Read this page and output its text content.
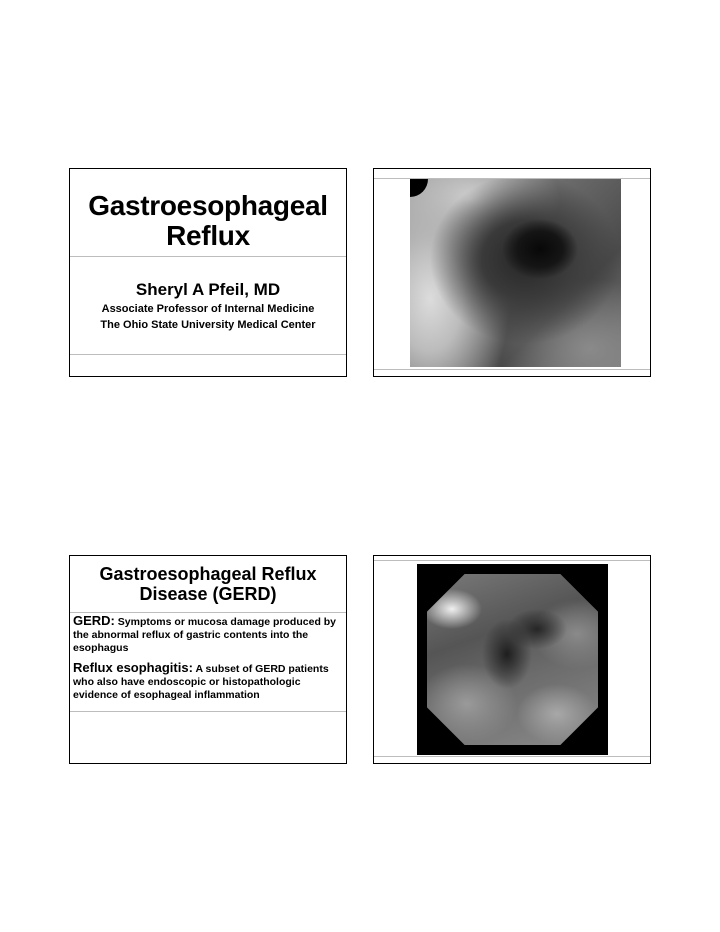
Gastroesophageal
Reflux
Sheryl A Pfeil, MD
Associate Professor of Internal Medicine
The Ohio State University Medical Center
Gastroesophageal Reflux
Disease (GERD)
GERD: Symptoms or mucosa damage produced by the abnormal reflux of gastric contents into the esophagus
Reflux esophagitis: A subset of GERD patients who also have endoscopic or histopathologic evidence of esophageal inflammation
